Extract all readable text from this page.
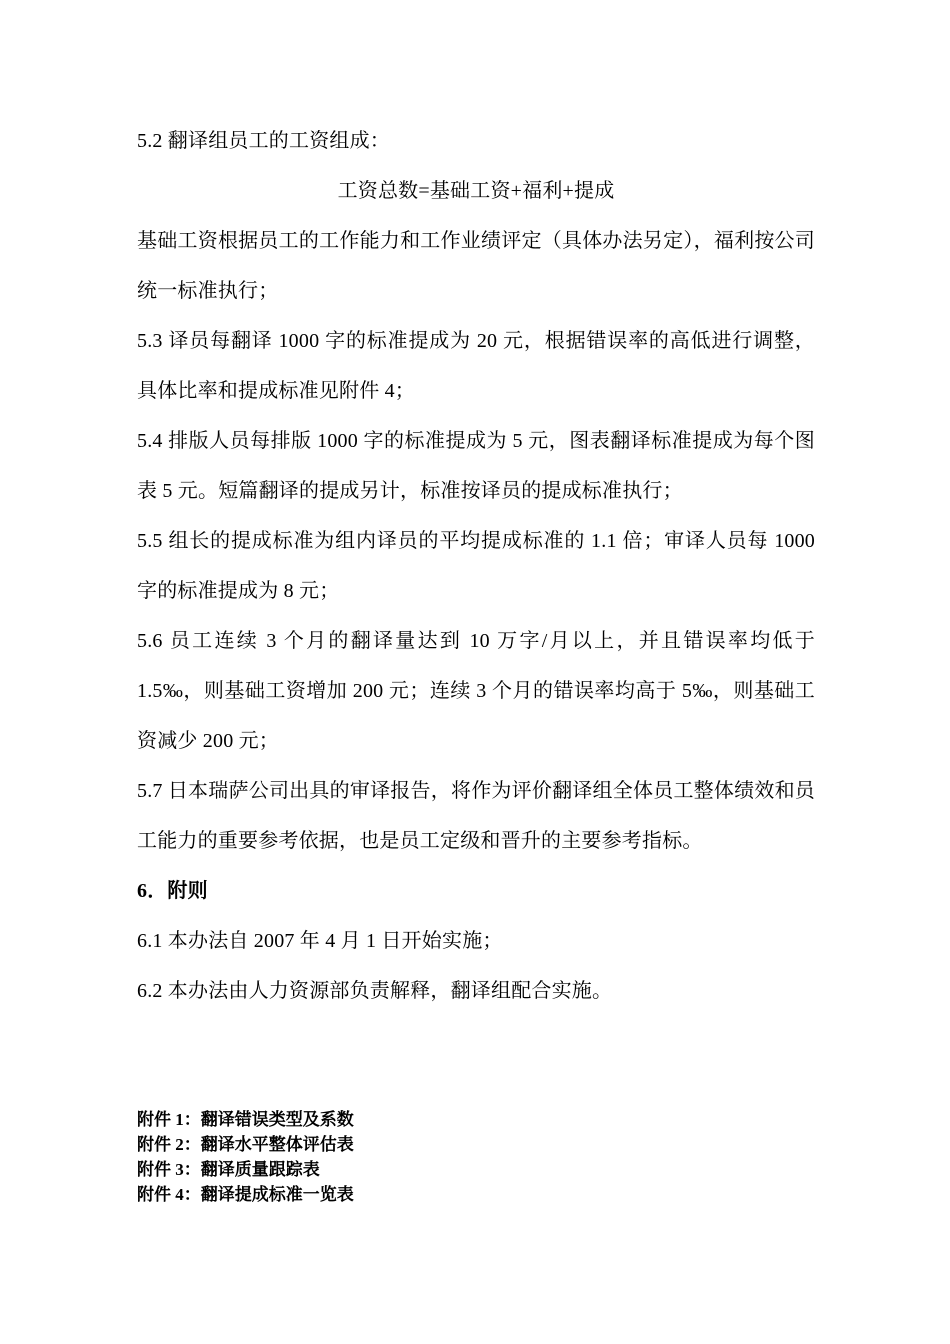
5.2 翻译组员工的工资组成：

工资总数=基础工资+福利+提成

基础工资根据员工的工作能力和工作业绩评定（具体办法另定），福利按公司统一标准执行；

5.3 译员每翻译 1000 字的标准提成为 20 元，根据错误率的高低进行调整，具体比率和提成标准见附件 4；

5.4 排版人员每排版 1000 字的标准提成为 5 元，图表翻译标准提成为每个图表 5 元。短篇翻译的提成另计，标准按译员的提成标准执行；

5.5 组长的提成标准为组内译员的平均提成标准的 1.1 倍；审译人员每 1000 字的标准提成为 8 元；

5.6 员工连续 3 个月的翻译量达到 10 万字/月以上，并且错误率均低于 1.5‰，则基础工资增加 200 元；连续 3 个月的错误率均高于 5‰，则基础工资减少 200 元；

5.7 日本瑞萨公司出具的审译报告，将作为评价翻译组全体员工整体绩效和员工能力的重要参考依据，也是员工定级和晋升的主要参考指标。

6．附则

6.1 本办法自 2007 年 4 月 1 日开始实施；

6.2 本办法由人力资源部负责解释，翻译组配合实施。

附件 1：翻译错误类型及系数

附件 2：翻译水平整体评估表

附件 3：翻译质量跟踪表

附件 4：翻译提成标准一览表
